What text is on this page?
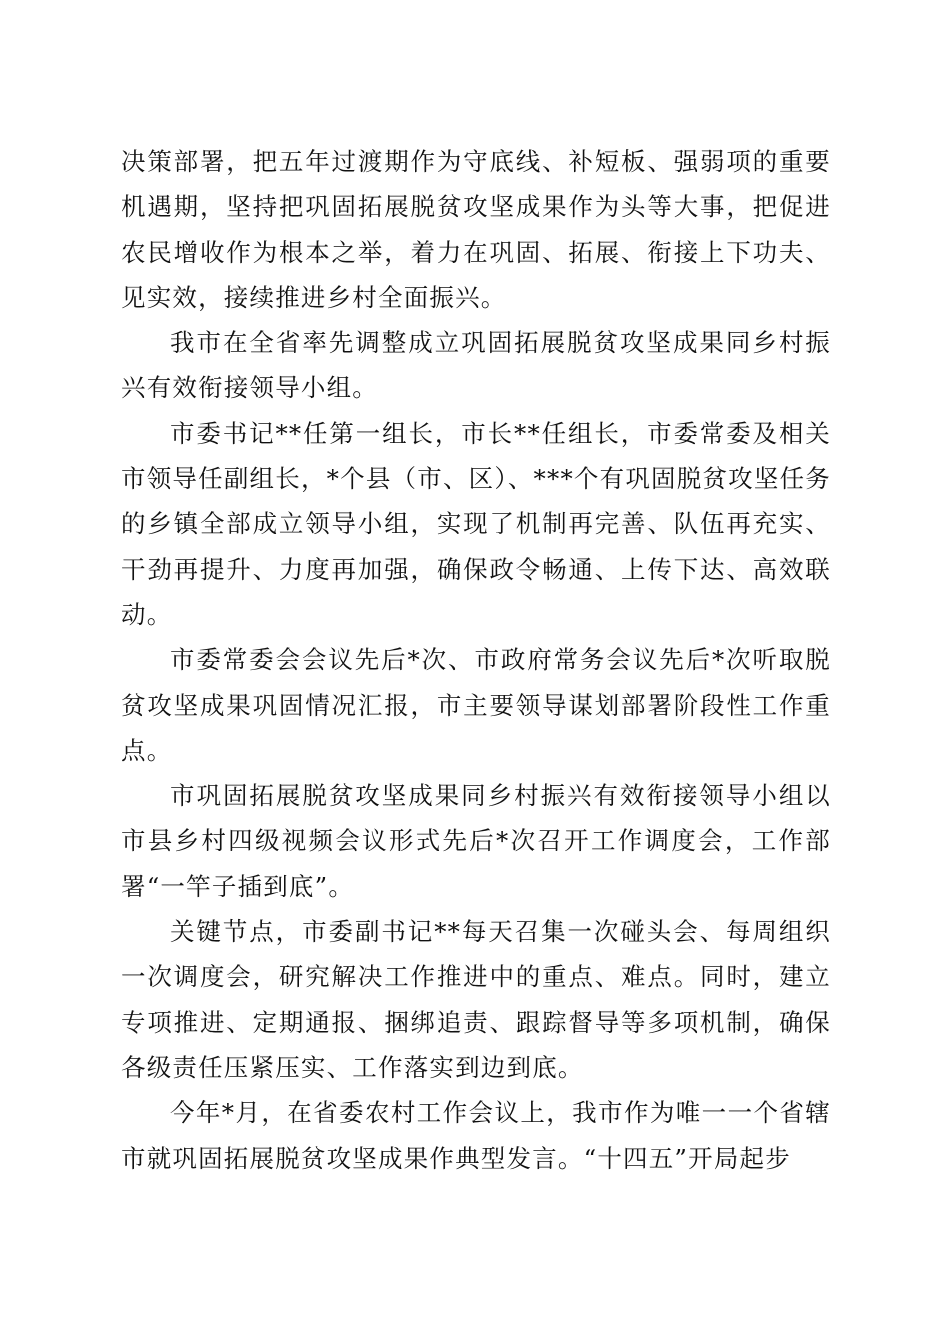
决策部署，把五年过渡期作为守底线、补短板、强弱项的重要机遇期，坚持把巩固拓展脱贫攻坚成果作为头等大事，把促进农民增收作为根本之举，着力在巩固、拓展、衔接上下功夫、见实效，接续推进乡村全面振兴。

我市在全省率先调整成立巩固拓展脱贫攻坚成果同乡村振兴有效衔接领导小组。

市委书记**任第一组长，市长**任组长，市委常委及相关市领导任副组长，*个县（市、区）、***个有巩固脱贫攻坚任务的乡镇全部成立领导小组，实现了机制再完善、队伍再充实、干劲再提升、力度再加强，确保政令畅通、上传下达、高效联动。

市委常委会会议先后*次、市政府常务会议先后*次听取脱贫攻坚成果巩固情况汇报，市主要领导谋划部署阶段性工作重点。

市巩固拓展脱贫攻坚成果同乡村振兴有效衔接领导小组以市县乡村四级视频会议形式先后*次召开工作调度会，工作部署“一竿子插到底”。

关键节点，市委副书记**每天召集一次碰头会、每周组织一次调度会，研究解决工作推进中的重点、难点。同时，建立专项推进、定期通报、捆绑追责、跟踪督导等多项机制，确保各级责任压紧压实、工作落实到边到底。

今年*月，在省委农村工作会议上，我市作为唯一一个省辖市就巩固拓展脱贫攻坚成果作典型发言。“十四五”开局起步
